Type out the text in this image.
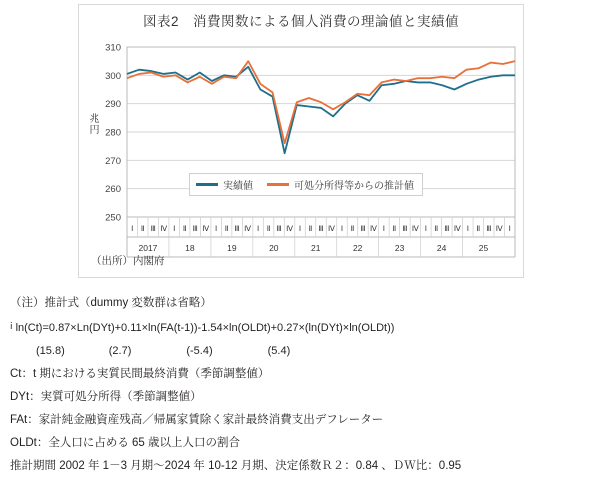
図表2　消費関数による個人消費の理論値と実績値
兆円
250
260
270
280
290
300
310
Ⅰ Ⅱ Ⅲ Ⅳ Ⅰ Ⅱ Ⅲ Ⅳ Ⅰ Ⅱ Ⅲ Ⅳ Ⅰ Ⅱ Ⅲ Ⅳ Ⅰ Ⅱ Ⅲ Ⅳ Ⅰ Ⅱ Ⅲ Ⅳ Ⅰ Ⅱ Ⅲ Ⅳ Ⅰ Ⅱ Ⅲ Ⅳ Ⅰ Ⅱ Ⅲ Ⅳ Ⅰ
2017	18	19	20	21	22	23	24	25
実績値	可処分所得等からの推計値
（出所）内閣府
（注）推計式（dummy 変数群は省略）
ⅰ ln(Ct)=0.87×Ln(DYt)+0.11×ln(FA(t-1))-1.54×ln(OLDt)+0.27×(ln(DYt)×ln(OLDt))
(15.8)　　　　(2.7)　　　　　(-5.4)　　　　　(5.4)
Ct：t 期における実質民間最終消費（季節調整値）
DYt：実質可処分所得（季節調整値）
FAt：家計純金融資産残高／帰属家賃除く家計最終消費支出デフレーター
OLDt：全人口に占める 65 歳以上人口の割合
推計期間 2002 年 1－3 月期～2024 年 10-12 月期、決定係数Ｒ２：0.84 、ＤＷ比：0.95
